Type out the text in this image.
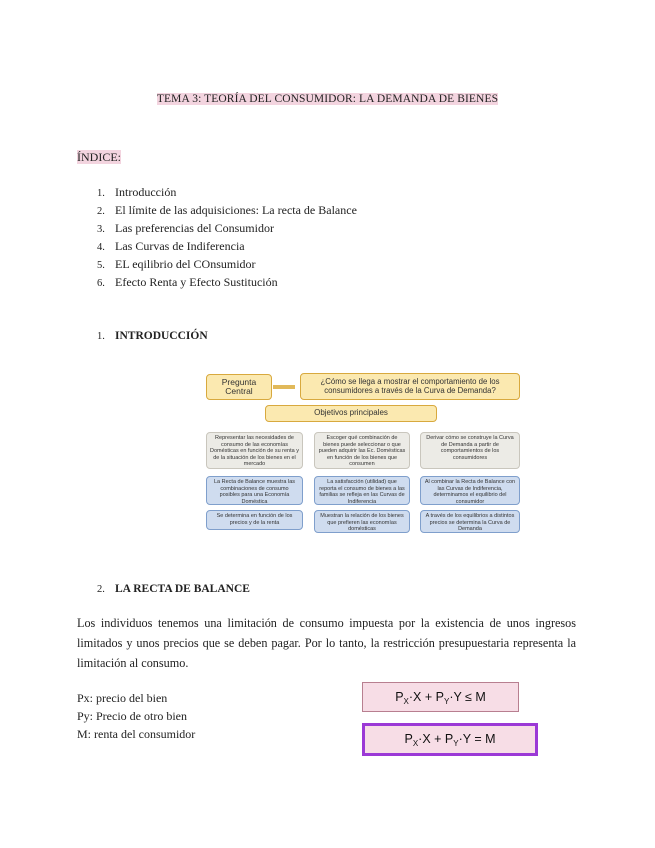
TEMA 3: TEORÍA DEL CONSUMIDOR: LA DEMANDA DE BIENES
ÍNDICE:
1. Introducción
2. El límite de las adquisiciones: La recta de Balance
3. Las preferencias del Consumidor
4. Las Curvas de Indiferencia
5. EL eqilibrio del COnsumidor
6. Efecto Renta y Efecto Sustitución
1. INTRODUCCIÓN
Pregunta Central
¿Cómo se llega a mostrar el comportamiento de los consumidores a través de la Curva de Demanda?
Objetivos principales
Representar las necesidades de consumo de las economías Domésticas en función de su renta y de la situación de los bienes en el mercado
Escoger qué combinación de bienes puede seleccionar o que pueden adquirir las Ec. Domésticas en función de los bienes que consumen
Derivar cómo se construye la Curva de Demanda a partir de comportamientos de los consumidores
La Recta de Balance muestra las combinaciones de consumo posibles para una Economía Doméstica
La satisfacción (utilidad) que reporta el consumo de bienes a las familias se refleja en las Curvas de Indiferencia
Al combinar la Recta de Balance con las Curvas de Indiferencia, determinamos el equilibrio del consumidor
Se determina en función de los precios y de la renta
Muestran la relación de los bienes que prefieren las economías domésticas
A través de los equilibrios a distintos precios se determina la Curva de Demanda
2. LA RECTA DE BALANCE

Los individuos tenemos una limitación de consumo impuesta por la existencia de unos ingresos limitados y unos precios que se deben pagar. Por lo tanto, la restricción presupuestaria representa la limitación al consumo.

Px: precio del bien
Py: Precio de otro bien
M: renta del consumidor
$P_X\cdot X + P_Y\cdot Y \le M$
$P_X\cdot X + P_Y\cdot Y = M$
